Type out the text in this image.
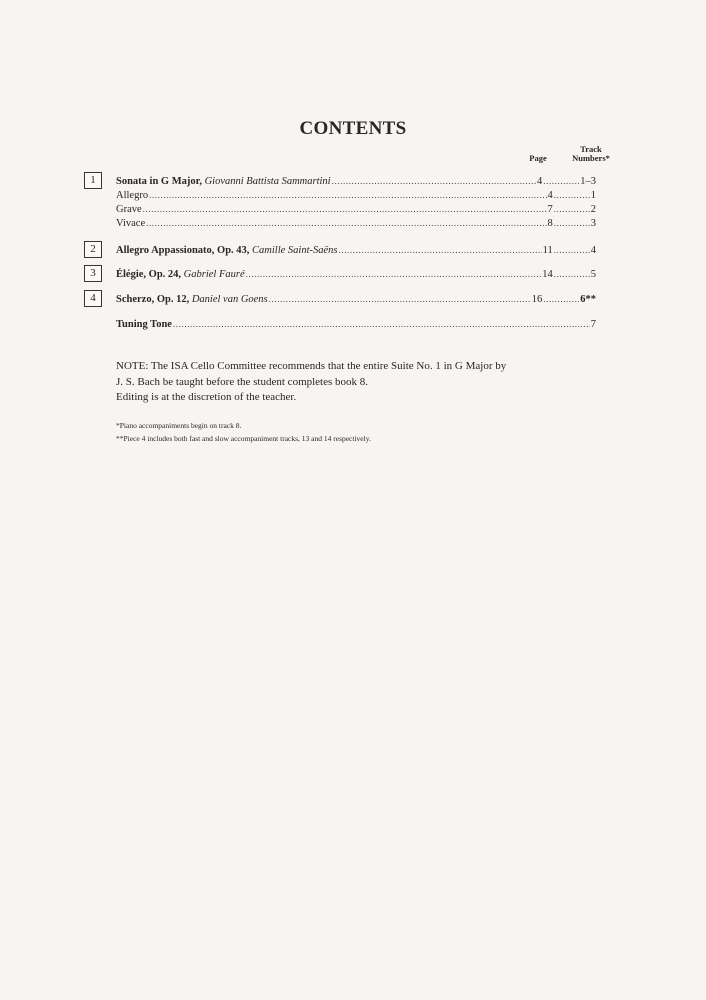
CONTENTS
Page
Track
Numbers*
1	Sonata in G Major, Giovanni Battista Sammartini .....	4 .....	1–3
Allegro .....	4 .....	1
Grave .....	7 .....	2
Vivace .....	8 .....	3
2	Allegro Appassionato, Op. 43, Camille Saint-Saëns .....	11 .....	4
3	Élégie, Op. 24, Gabriel Fauré .....	14 .....	5
4	Scherzo, Op. 12, Daniel van Goens .....	16 .....	6**
Tuning Tone .....	7

NOTE: The ISA Cello Committee recommends that the entire Suite No. 1 in G Major by

J. S. Bach be taught before the student completes book 8.

Editing is at the discretion of the teacher.

*Piano accompaniments begin on track 8.

**Piece 4 includes both fast and slow accompaniment tracks, 13 and 14 respectively.
